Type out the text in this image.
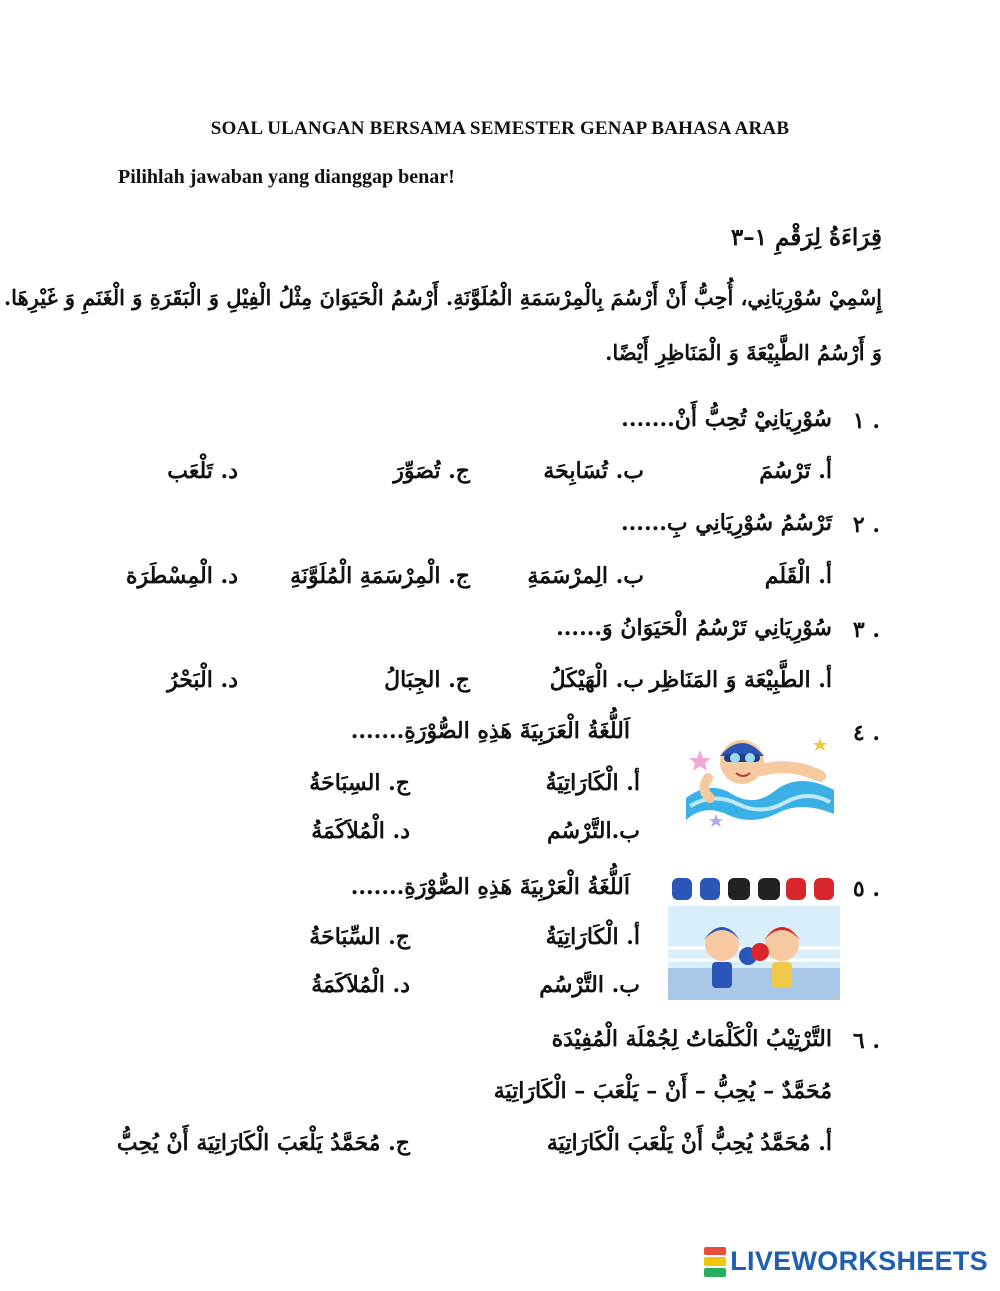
SOAL ULANGAN BERSAMA SEMESTER GENAP BAHASA ARAB
Pilihlah jawaban yang dianggap benar!
قِرَاءَةُ لِرَقْمِ ١–٣
إِسْمِيْ سُوْرِيَانِي، أُحِبُّ أَنْ أَرْسُمَ بِالْمِرْسَمَةِ الْمُلَوَّنَةِ. أَرْسُمُ الْحَيَوَانَ مِثْلُ الْفِيْلِ وَ الْبَقَرَةِ وَ الْغَنَمِ وَ غَيْرِهَا.
وَ أَرْسُمُ الطَّبِيْعَةَ وَ الْمَنَاظِرِ أَيْضًا.
١ .
سُوْرِيَانِيْ تُحِبُّ أَنْ.......
أ. تَرْسُمَ
ب. تُسَابِحَة
ج. تُصَوِّرَ
د. تَلْعَب
٢ .
تَرْسُمُ سُوْرِيَانِي بِ......
أ. الْقَلَم
ب. الِمرْسَمَةِ
ج. الْمِرْسَمَةِ الْمُلَوَّنَةِ
د. الْمِسْطَرَة
٣ .
سُوْرِيَانِي تَرْسُمُ الْحَيَوَانُ وَ......
أ. الطَّبِيْعَة وَ المَنَاظِر
ب. الْهَيْكَلُ
ج. الجِبَالُ
د. الْبَحْرُ
٤ .
اَللُّغَةُ الْعَرَبِيَةَ هَذِهِ الصُّوْرَةِ.......
أ. الْكَارَاتِيَةُ
ب.التَّرْسُم
ج. السِبَاحَةُ
د. الْمُلاَكَمَةُ
٥ .
اَللُّغَةُ الْعَرْبِيَةَ هَذِهِ الصُّوْرَةِ.......
أ. الْكَارَاتِيَةُ
ب. التَّرْسُم
ج. السِّبَاحَةُ
د. الْمُلاَكَمَةُ
٦ .
التَّرْتِيْبُ الْكَلْمَاتُ لِجُمْلَة الْمُفِيْدَة
مُحَمَّدٌ – يُحِبُّ – أَنْ – يَلْعَبَ – الْكَارَاتِيَة
أ. مُحَمَّدُ يُحِبُّ أَنْ يَلْعَبَ الْكَارَاتِيَة
ج. مُحَمَّدُ يَلْعَبَ الْكَارَاتِيَة أَنْ يُحِبُّ
LIVEWORKSHEETS
